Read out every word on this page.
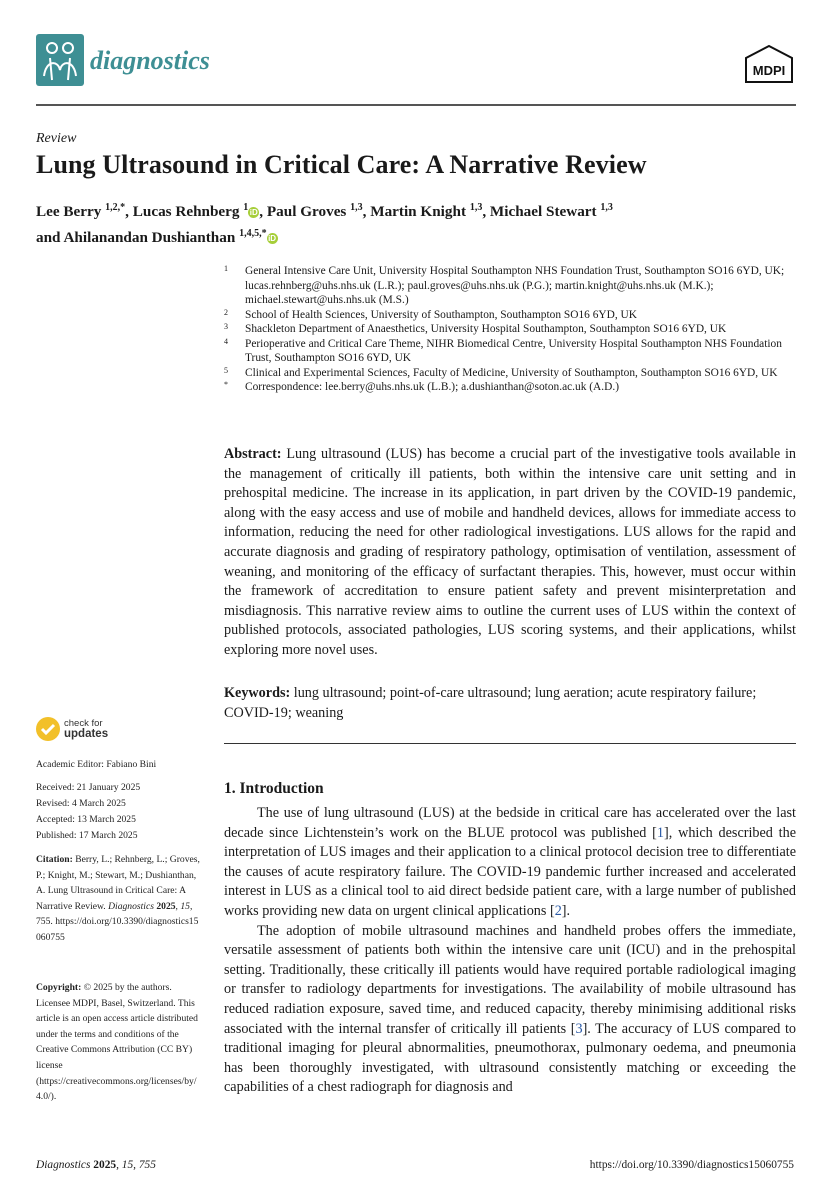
diagnostics	MDPI
Review
Lung Ultrasound in Critical Care: A Narrative Review
Lee Berry $^{1,2,*}$, Lucas Rehnberg $^1$ iD, Paul Groves $^{1,3}$, Martin Knight $^{1,3}$, Michael Stewart $^{1,3}$
and Ahilanandan Dushianthan $^{1,4,5,*}$ iD
1 General Intensive Care Unit, University Hospital Southampton NHS Foundation Trust, Southampton SO16 6YD, UK; lucas.rehnberg@uhs.nhs.uk (L.R.); paul.groves@uhs.nhs.uk (P.G.); martin.knight@uhs.nhs.uk (M.K.); michael.stewart@uhs.nhs.uk (M.S.)
2 School of Health Sciences, University of Southampton, Southampton SO16 6YD, UK
3 Shackleton Department of Anaesthetics, University Hospital Southampton, Southampton SO16 6YD, UK
4 Perioperative and Critical Care Theme, NIHR Biomedical Centre, University Hospital Southampton NHS Foundation Trust, Southampton SO16 6YD, UK
5 Clinical and Experimental Sciences, Faculty of Medicine, University of Southampton, Southampton SO16 6YD, UK
* Correspondence: lee.berry@uhs.nhs.uk (L.B.); a.dushianthan@soton.ac.uk (A.D.)
Abstract: Lung ultrasound (LUS) has become a crucial part of the investigative tools available in the management of critically ill patients, both within the intensive care unit setting and in prehospital medicine. The increase in its application, in part driven by the COVID-19 pandemic, along with the easy access and use of mobile and handheld devices, allows for immediate access to information, reducing the need for other radiological investigations. LUS allows for the rapid and accurate diagnosis and grading of respiratory pathology, optimisation of ventilation, assessment of weaning, and monitoring of the efficacy of surfactant therapies. This, however, must occur within the framework of accreditation to ensure patient safety and prevent misinterpretation and misdiagnosis. This narrative review aims to outline the current uses of LUS within the context of published protocols, associated pathologies, LUS scoring systems, and their applications, whilst exploring more novel uses.
Keywords: lung ultrasound; point-of-care ultrasound; lung aeration; acute respiratory failure; COVID-19; weaning
check for
updates
Academic Editor: Fabiano Bini
Received: 21 January 2025
Revised: 4 March 2025
Accepted: 13 March 2025
Published: 17 March 2025
Citation: Berry, L.; Rehnberg, L.; Groves, P.; Knight, M.; Stewart, M.; Dushianthan, A. Lung Ultrasound in Critical Care: A Narrative Review. Diagnostics 2025, 15, 755. https://doi.org/10.3390/diagnostics15060755
Copyright: © 2025 by the authors. Licensee MDPI, Basel, Switzerland. This article is an open access article distributed under the terms and conditions of the Creative Commons Attribution (CC BY) license (https://creativecommons.org/licenses/by/4.0/).
1. Introduction

The use of lung ultrasound (LUS) at the bedside in critical care has accelerated over the last decade since Lichtenstein’s work on the BLUE protocol was published [1], which described the interpretation of LUS images and their application to a clinical protocol decision tree to differentiate the causes of acute respiratory failure. The COVID-19 pandemic further increased and accelerated interest in LUS as a clinical tool to aid direct bedside patient care, with a large number of published works providing new data on urgent clinical applications [2].

The adoption of mobile ultrasound machines and handheld probes offers the immediate, versatile assessment of patients both within the intensive care unit (ICU) and in the prehospital setting. Traditionally, these critically ill patients would have required portable radiological imaging or transfer to radiology departments for investigations. The availability of mobile ultrasound has reduced radiation exposure, saved time, and reduced capacity, thereby minimising additional risks associated with the internal transfer of critically ill patients [3]. The accuracy of LUS compared to traditional imaging for pleural abnormalities, pneumothorax, pulmonary oedema, and pneumonia has been thoroughly investigated, with ultrasound consistently matching or exceeding the capabilities of a chest radiograph for diagnosis and

Diagnostics 2025, 15, 755	https://doi.org/10.3390/diagnostics15060755
